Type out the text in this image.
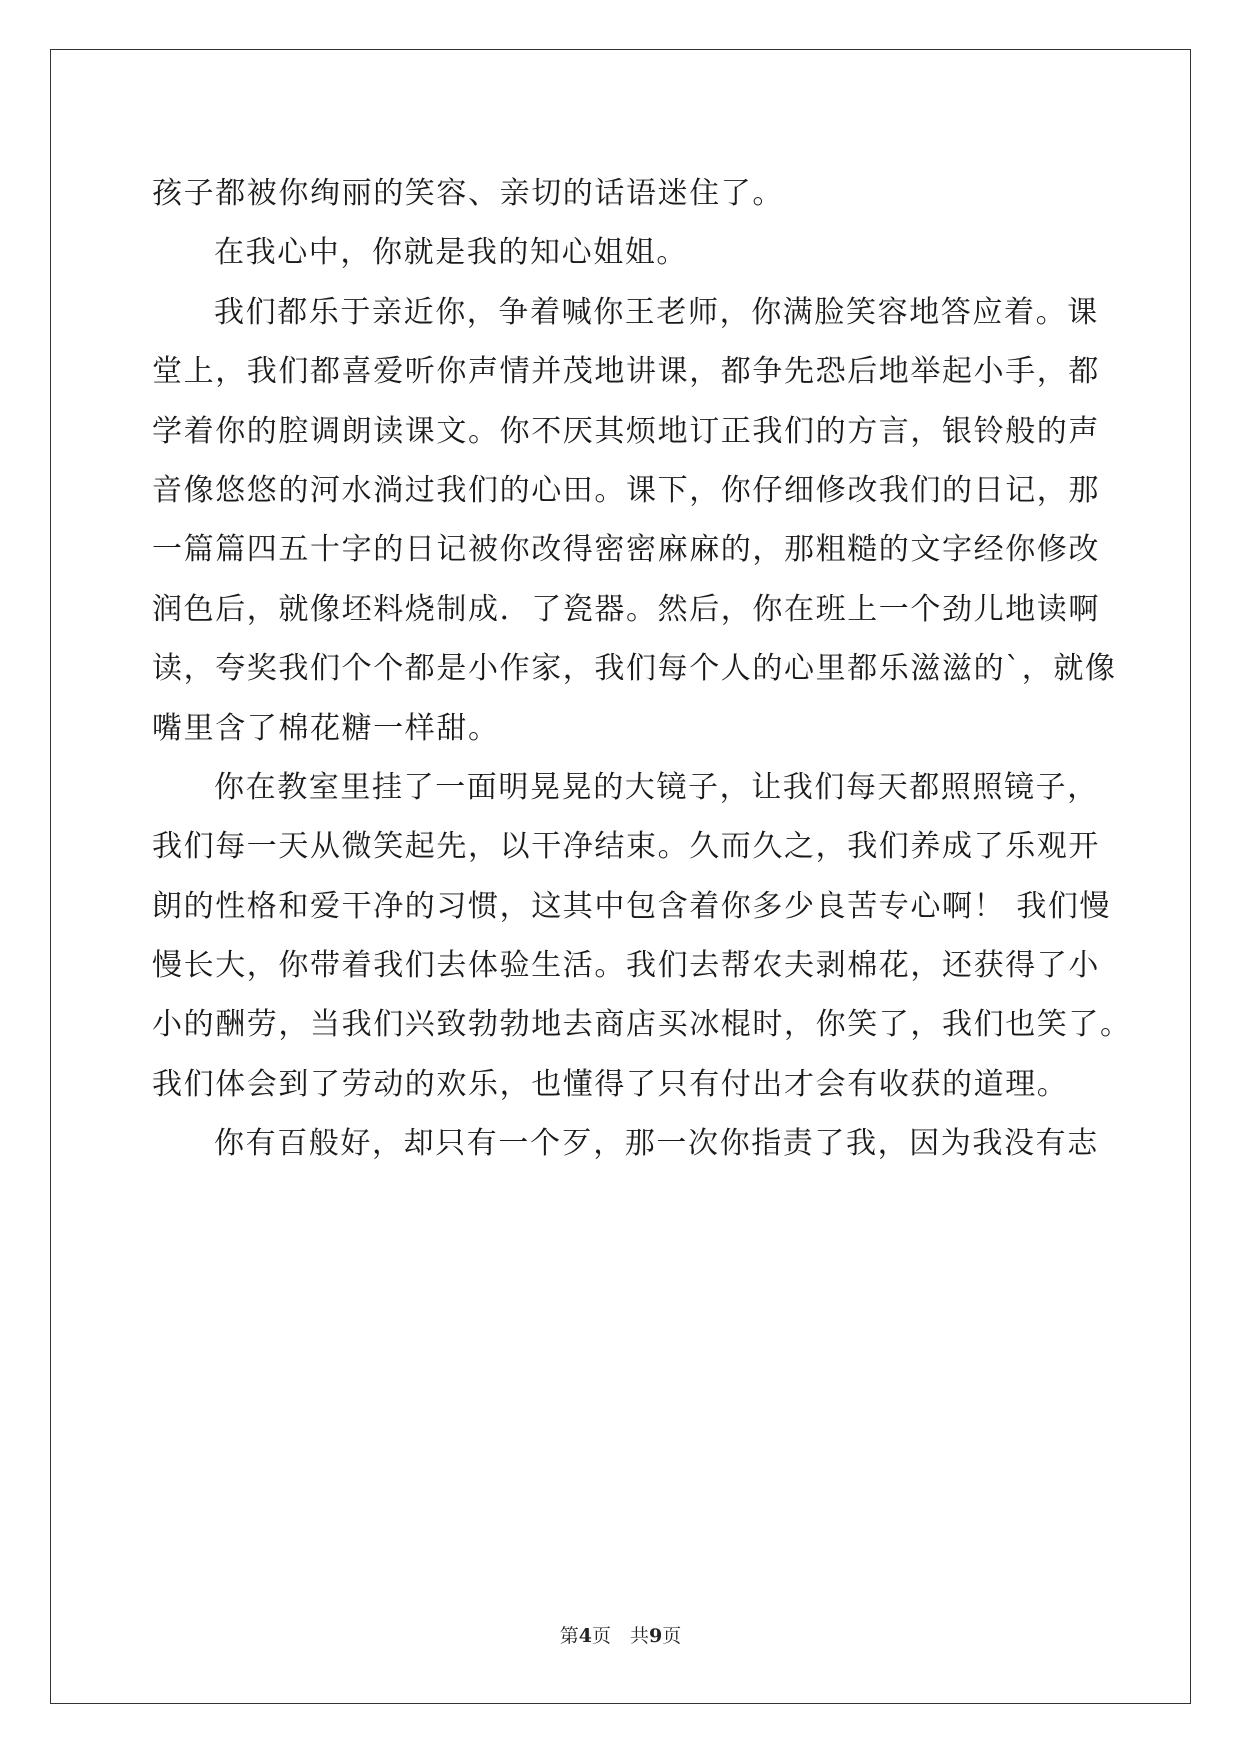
孩子都被你绚丽的笑容、亲切的话语迷住了。
在我心中，你就是我的知心姐姐。
我们都乐于亲近你，争着喊你王老师，你满脸笑容地答应着。课
堂上，我们都喜爱听你声情并茂地讲课，都争先恐后地举起小手，都
学着你的腔调朗读课文。你不厌其烦地订正我们的方言，银铃般的声
音像悠悠的河水淌过我们的心田。课下，你仔细修改我们的日记，那
一篇篇四五十字的日记被你改得密密麻麻的，那粗糙的文字经你修改
润色后，就像坯料烧制成．了瓷器。然后，你在班上一个劲儿地读啊
读，夸奖我们个个都是小作家，我们每个人的心里都乐滋滋的`，就像
嘴里含了棉花糖一样甜。
你在教室里挂了一面明晃晃的大镜子，让我们每天都照照镜子，
我们每一天从微笑起先，以干净结束。久而久之，我们养成了乐观开
朗的性格和爱干净的习惯，这其中包含着你多少良苦专心啊！ 我们慢
慢长大，你带着我们去体验生活。我们去帮农夫剥棉花，还获得了小
小的酬劳，当我们兴致勃勃地去商店买冰棍时，你笑了，我们也笑了。
我们体会到了劳动的欢乐，也懂得了只有付出才会有收获的道理。
你有百般好，却只有一个歹，那一次你指责了我，因为我没有志
第4页　共9页
